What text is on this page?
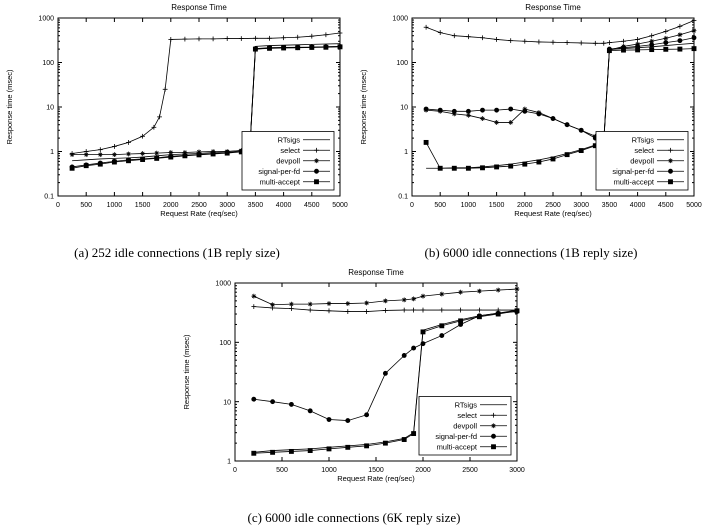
Response Time
0	500 1000 1500 2000 2500 3000 3500 4000 4500 5000
0.1
1
10
100
1000
Request Rate (req/sec)
Response time (msec)	RTsigs
select
devpoll
signal-per-fd
multi-accept
(a) 252 idle connections (1B reply size)
Response Time
0	500 1000 1500 2000 2500 3000 3500 4000 4500 5000
0.1
1
10
100
1000
Request Rate (req/sec)
Response time (msec)	RTsigs
select
devpoll
signal-per-fd
multi-accept
(b) 6000 idle connections (1B reply size)
Response Time
0	500	1000	1500	2000	2500	3000
1
10
100
1000
Request Rate (req/sec)
Response time (msec)	RTsigs
select
devpoll
signal-per-fd
multi-accept
(c) 6000 idle connections (6K reply size)
